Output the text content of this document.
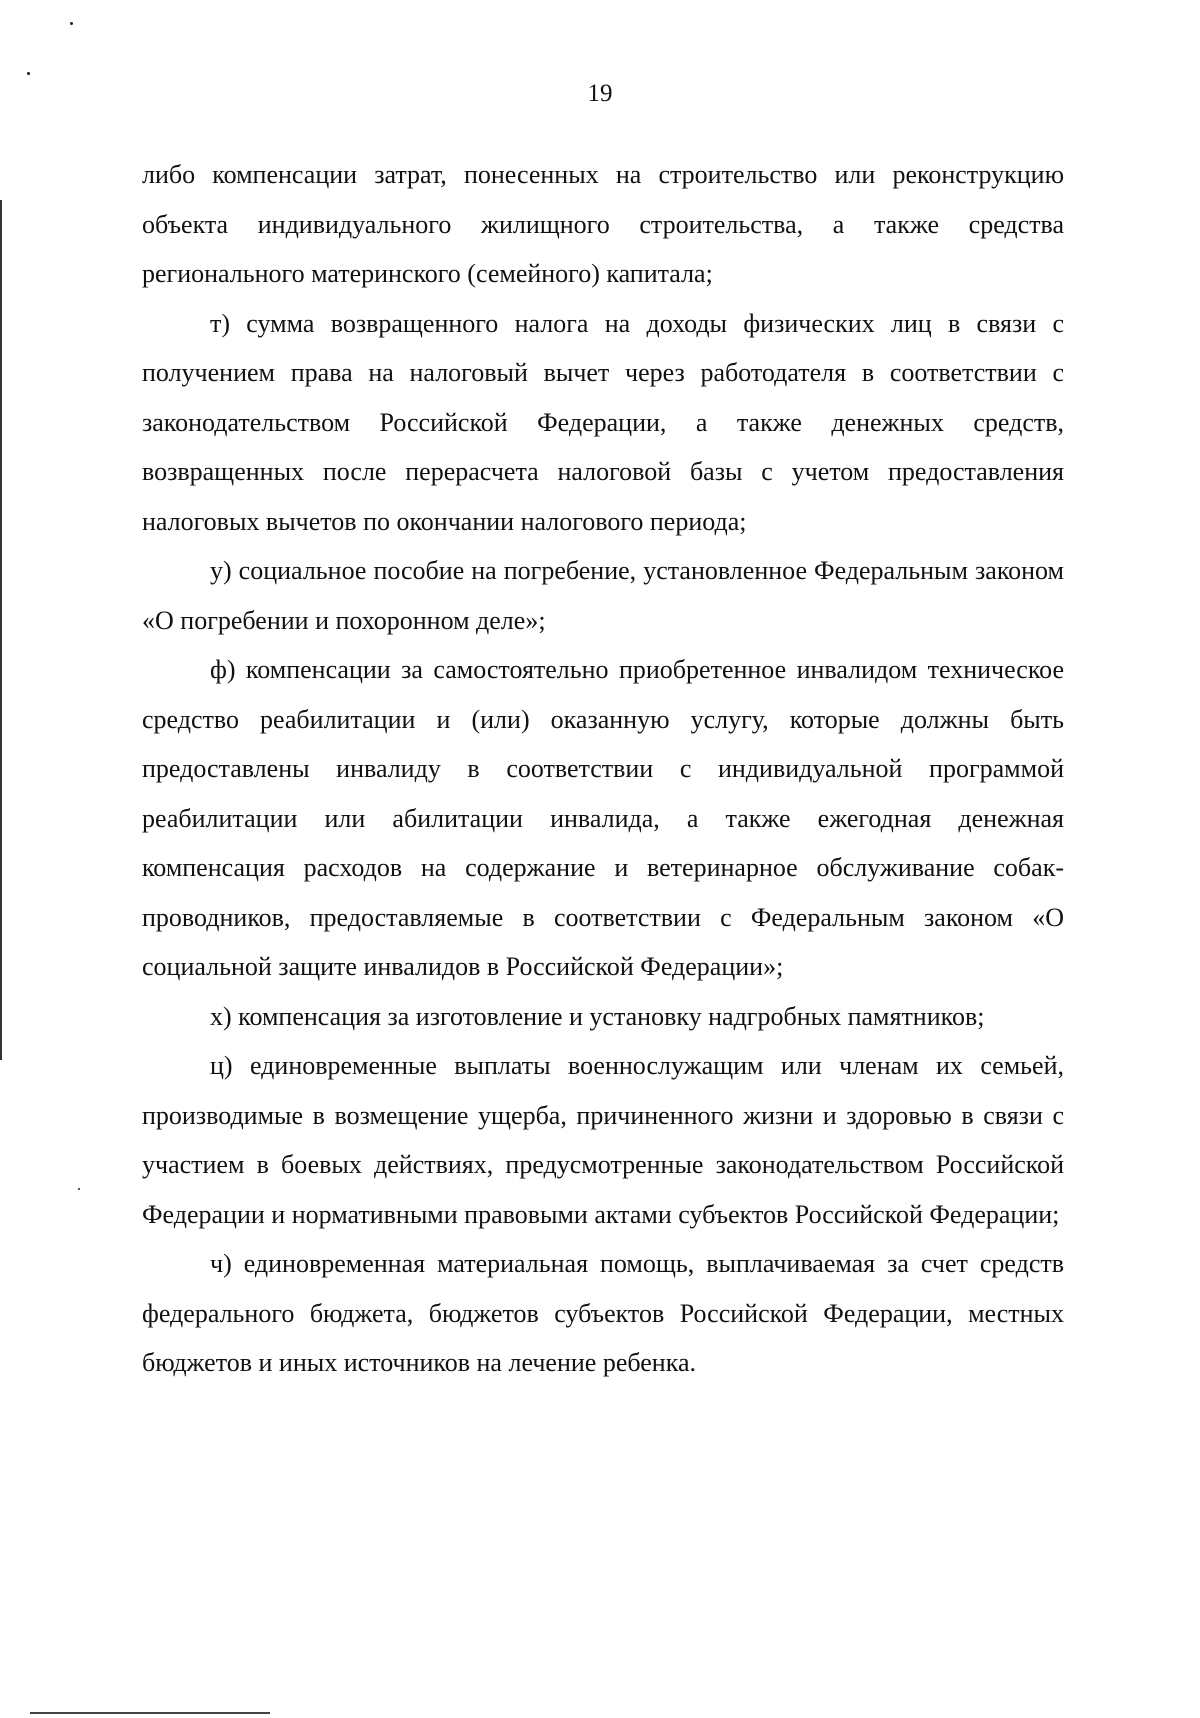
19

либо компенсации затрат, понесенных на строительство или реконструкцию объекта индивидуального жилищного строительства, а также средства регионального материнского (семейного) капитала;

т) сумма возвращенного налога на доходы физических лиц в связи с получением права на налоговый вычет через работодателя в соответствии с законодательством Российской Федерации, а также денежных средств, возвращенных после перерасчета налоговой базы с учетом предоставления налоговых вычетов по окончании налогового периода;

у) социальное пособие на погребение, установленное Федеральным законом «О погребении и похоронном деле»;

ф) компенсации за самостоятельно приобретенное инвалидом техническое средство реабилитации и (или) оказанную услугу, которые должны быть предоставлены инвалиду в соответствии с индивидуальной программой реабилитации или абилитации инвалида, а также ежегодная денежная компенсация расходов на содержание и ветеринарное обслуживание собак-проводников, предоставляемые в соответствии с Федеральным законом «О социальной защите инвалидов в Российской Федерации»;

х) компенсация за изготовление и установку надгробных памятников;

ц) единовременные выплаты военнослужащим или членам их семьей, производимые в возмещение ущерба, причиненного жизни и здоровью в связи с участием в боевых действиях, предусмотренные законодательством Российской Федерации и нормативными правовыми актами субъектов Российской Федерации;

ч) единовременная материальная помощь, выплачиваемая за счет средств федерального бюджета, бюджетов субъектов Российской Федерации, местных бюджетов и иных источников на лечение ребенка.
